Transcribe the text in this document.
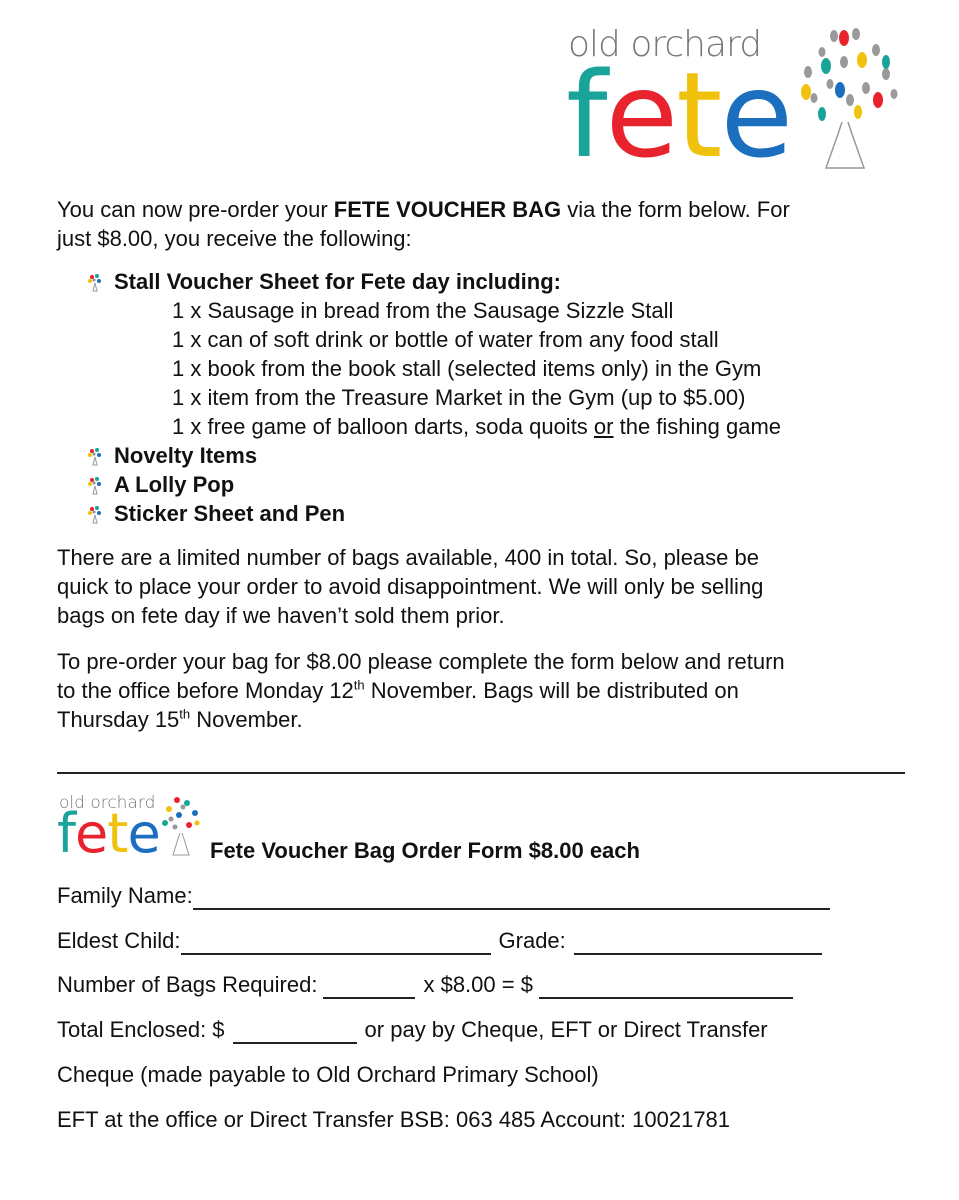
old orchard
fete

You can now pre-order your FETE VOUCHER BAG via the form below. For

just $8.00, you receive the following:

Stall Voucher Sheet for Fete day including:
1 x Sausage in bread from the Sausage Sizzle Stall
1 x can of soft drink or bottle of water from any food stall
1 x book from the book stall (selected items only) in the Gym
1 x item from the Treasure Market in the Gym (up to $5.00)
1 x free game of balloon darts, soda quoits or the fishing game
Novelty Items
A Lolly Pop
Sticker Sheet and Pen

There are a limited number of bags available, 400 in total. So, please be

quick to place your order to avoid disappointment. We will only be selling

bags on fete day if we haven’t sold them prior.

To pre-order your bag for $8.00 please complete the form below and return

to the office before Monday 12th November. Bags will be distributed on

Thursday 15th November.

old orchard
fete Fete Voucher Bag Order Form $8.00 each
Family Name:
Eldest Child:	Grade:
Number of Bags Required:	x $8.00 = $
Total Enclosed: $	or pay by Cheque, EFT or Direct Transfer
Cheque (made payable to Old Orchard Primary School)
EFT at the office or Direct Transfer BSB: 063 485 Account: 10021781
